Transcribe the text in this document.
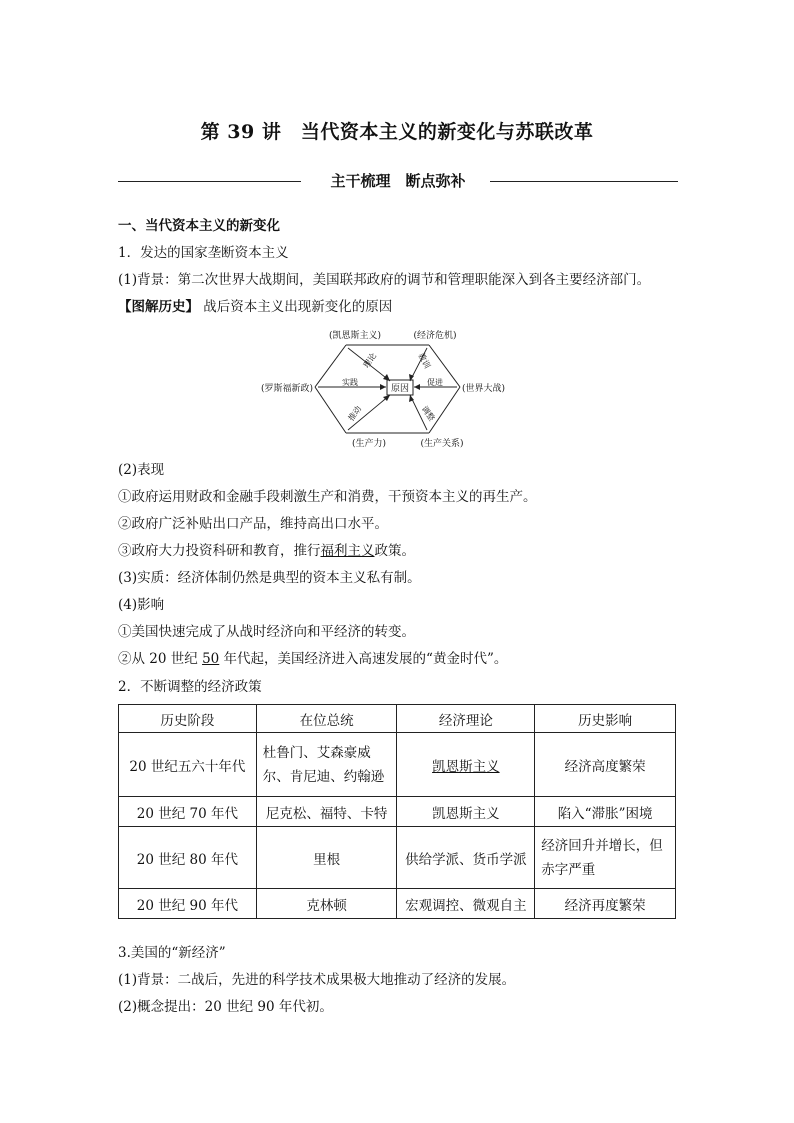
第 39 讲　当代资本主义的新变化与苏联改革
主干梳理　断点弥补
一、当代资本主义的新变化
1．发达的国家垄断资本主义
(1)背景：第二次世界大战期间，美国联邦政府的调节和管理职能深入到各主要经济部门。
【图解历史】 战后资本主义出现新变化的原因
原因
(凯恩斯主义)	(经济危机)
(罗斯福新政)	(世界大战)
(生产力)	(生产关系)
实践	促进
理论	教训
推动	调整
(2)表现
①政府运用财政和金融手段刺激生产和消费，干预资本主义的再生产。
②政府广泛补贴出口产品，维持高出口水平。
③政府大力投资科研和教育，推行福利主义政策。
(3)实质：经济体制仍然是典型的资本主义私有制。
(4)影响
①美国快速完成了从战时经济向和平经济的转变。
②从 20 世纪 50 年代起，美国经济进入高速发展的“黄金时代”。
2．不断调整的经济政策
历史阶段	在位总统	经济理论	历史影响
20 世纪五六十年代	杜鲁门、艾森豪威尔、肯尼迪、约翰逊	凯恩斯主义	经济高度繁荣
20 世纪 70 年代	尼克松、福特、卡特	凯恩斯主义	陷入“滞胀”困境
20 世纪 80 年代	里根	供给学派、货币学派	经济回升并增长，但赤字严重
20 世纪 90 年代	克林顿	宏观调控、微观自主	经济再度繁荣
3.美国的“新经济”
(1)背景：二战后，先进的科学技术成果极大地推动了经济的发展。
(2)概念提出：20 世纪 90 年代初。
